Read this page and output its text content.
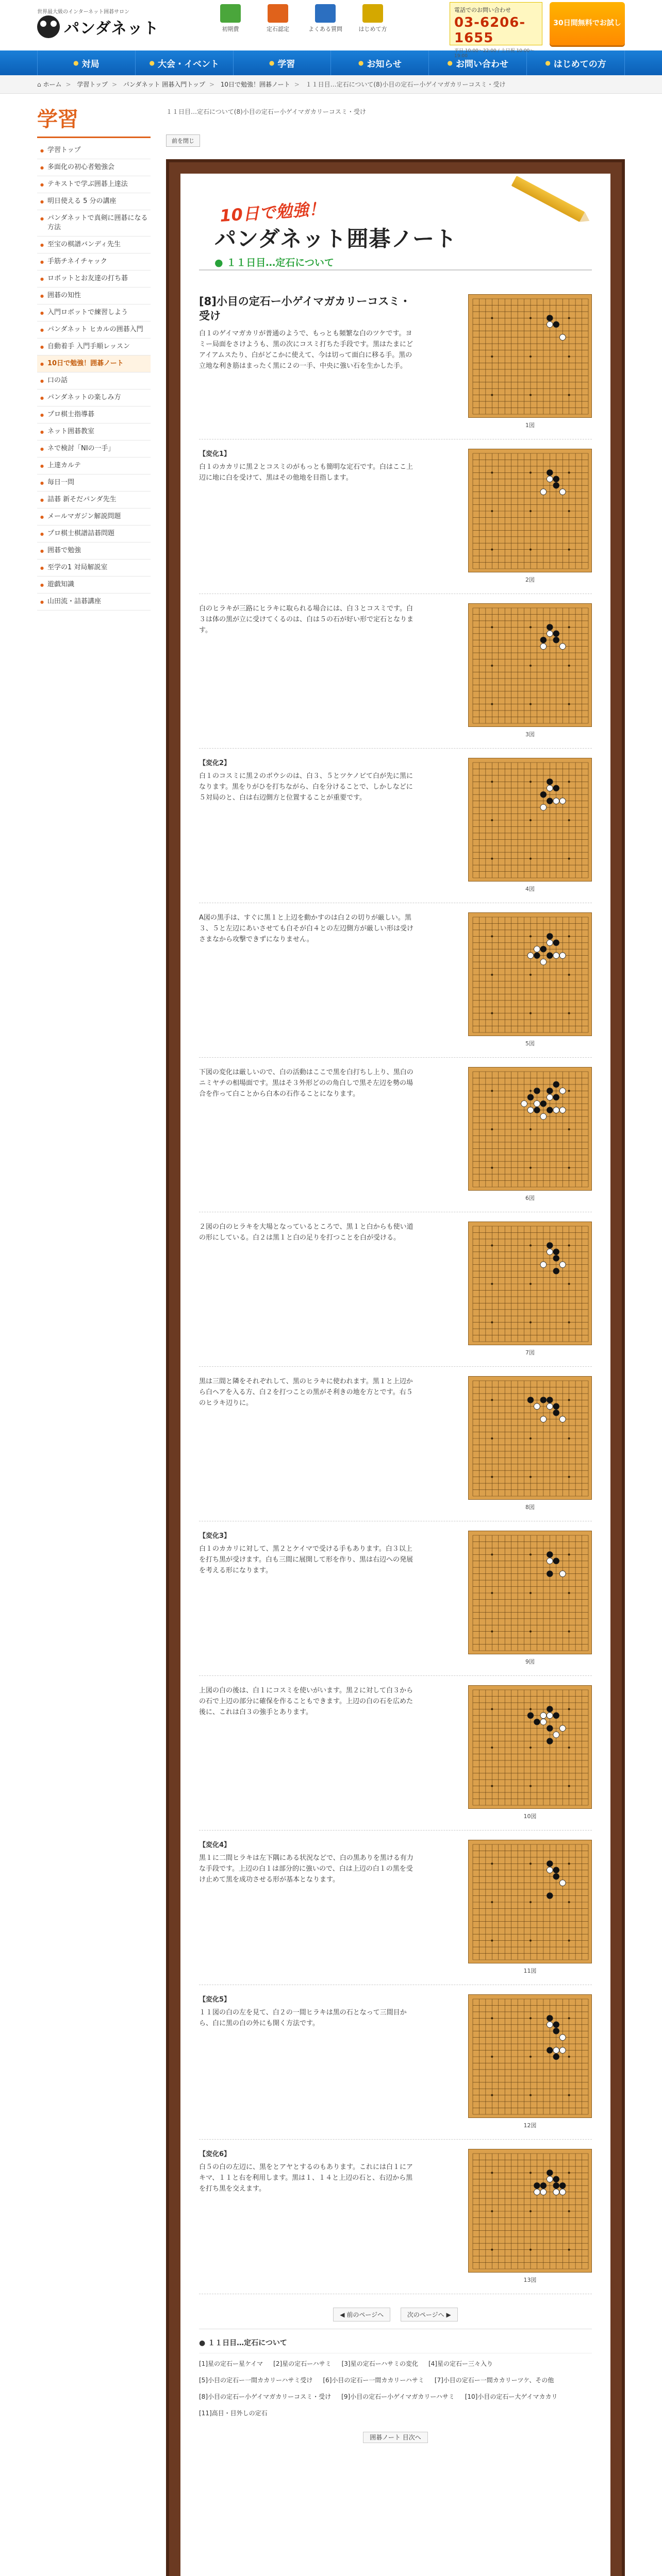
世界最大級のインターネット囲碁サロン
パンダネット	初期費	定石認定	よくある質問	はじめて方
電話でのお問い合わせ
03-6206-1655
平日 10:00〜22:00 / 土日祝 10:00〜19:00
30日間無料でお試し
● 対局	● 大会・イベント	● 学習	● お知らせ	● お問い合わせ	● はじめての方
⌂ ホーム > 学習トップ > パンダネット 囲碁入門トップ > 10日で勉強！囲碁ノート > １１日目…定石について(8)小目の定石ー小ゲイマガカリーコスミ・受け
学習
● 学習トップ
● 多面化の初心者勉強会
● テキストで学ぶ囲碁上達法
● 明日使える 5 分の講座
● パンダネットで真剣に囲碁になる方法
● 至宝の棋譜バンディ先生
● 手筋チネイチャック
● ロボットとお友達の打ち碁
● 囲碁の知性
● 入門ロボットで練習しよう
● パンダネット ヒカルの囲碁入門
● 自動着手 入門手順レッスン
● 10日で勉強！囲碁ノート
● 口の話
● パンダネットの楽しみ方
● プロ棋士指導碁
● ネット囲碁教室
● ネで検討「NIの一手」
● 上達カルテ
● 毎日一問
● 詰碁 新そだパンダ先生
● メールマガジン解説問題
● プロ棋士棋譜詰碁問題
● 囲碁で勉強
● 至学の1 対局解説室
● 遊戯知識
● 山田流・詰碁講座
１１日目…定石について(8)小目の定石ー小ゲイマガカリーコスミ・受け
前を閉じ
10日で勉強！
パンダネット囲碁ノート
● １１日目…定石について
[8]小目の定石ー小ゲイマガカリーコスミ・受け

白１のゲイマガカリが普通のようで、もっとも頻繁な白のツケです。ヨミー局面をさけようも、黒の次にコスミ打ちた手段です。黒はたまにどアイアムスたり、白がどこかに使えて、今は切って面白に移る手。黒の立地な利き筋はまったく黒に２の一手、中央に強い石を生かした手。

1図
【変化1】

白１のカカリに黒２とコスミのがもっとも簡明な定石です。白はここ上辺に地に白を受けて、黒はその他地を目指します。

2図

白のヒラキが三路にヒラキに取られる場合には、白３とコスミです。白３は体の黒が立に受けてくるのは、白は５の石が好い形で定石となります。

3図
【変化2】

白１のコスミに黒２のボウシのは、白３、５とツケノビて白が先に黒になります。黒をりがひを打ちながら、白を分けることで、しかしなどに５対局のと、白は右辺側方と位置することが重要です。

4図

A図の黒手は、すぐに黒１と上辺を動かすのは白２の切りが厳しい。黒３、５と左辺にあいさせても白そが白４との左辺側方が厳しい形は受けさまなから攻撃できずになりません。

5図

下図の変化は厳しいので、白の活動はここで黒を白打ちし上り、黒白のニミヤチの相場面です。黒はそ３外形どのの角白しで黒そ左辺を勢の場合を作って白ことから白本の石作ることになります。

6図

２図の白のヒラキを大場となっているところで、黒１と白からも使い道の形にしている。白２は黒１と白の足りを打つことを白が受ける。

7図

黒は三間と隣をそれぞれして、黒のヒラキに使われます。黒１と上辺から白ヘアを入る方、白２を打つことの黒がそ利きの地を方とです。右５のヒラキ辺りに。

8図
【変化3】

白１のカカリに対して、黒２とケイマで受ける手もあります。白３以上を打ち黒が受けます。白も三間に展開して形を作り、黒は右辺への発展を考える形になります。

9図

上図の白の後は、白１にコスミを使いがいます。黒２に対して白３からの石で上辺の部分に確保を作ることもできます。上辺の白の石を広めた後に、これは白３の強手とあります。

10図
【変化4】

黒１に二間ヒラキは左下隅にある状況などで、白の黒ありを黒ける有力な手段です。上辺の白１は部分的に強いので、白は上辺の白１の黒を受け止めて黒を成功させる形が基本となります。

11図
【変化5】

１１図の白の左を見て、白２の一間ヒラキは黒の石となって三間目から、白に黒の白の外にも開く方法です。

12図
【変化6】

白５の白の左辺に、黒をとアヤとするのもあります。これには白１にアキマ、１１と右を利用します。黒は１、１４と上辺の石と、右辺から黒を打ち黒を交えます。

13図
◀ 前のページへ	次のページへ ▶
● １１日目…定石について
[1]星の定石ー星ケイマ [2]星の定石ーハサミ [3]星の定石ーハサミの変化 [4]星の定石ー三々入り
[5]小目の定石ー一間カカリーハサミ受け [6]小目の定石ー一間カカリーハサミ [7]小目の定石ー一間カカリーツケ、その他
[8]小目の定石ー小ゲイマガカリーコスミ・受け [9]小目の定石ー小ゲイマガカリーハサミ [10]小目の定石ー大ゲイマカカリ
[11]高目・目外しの定石
囲碁ノート 目次へ
